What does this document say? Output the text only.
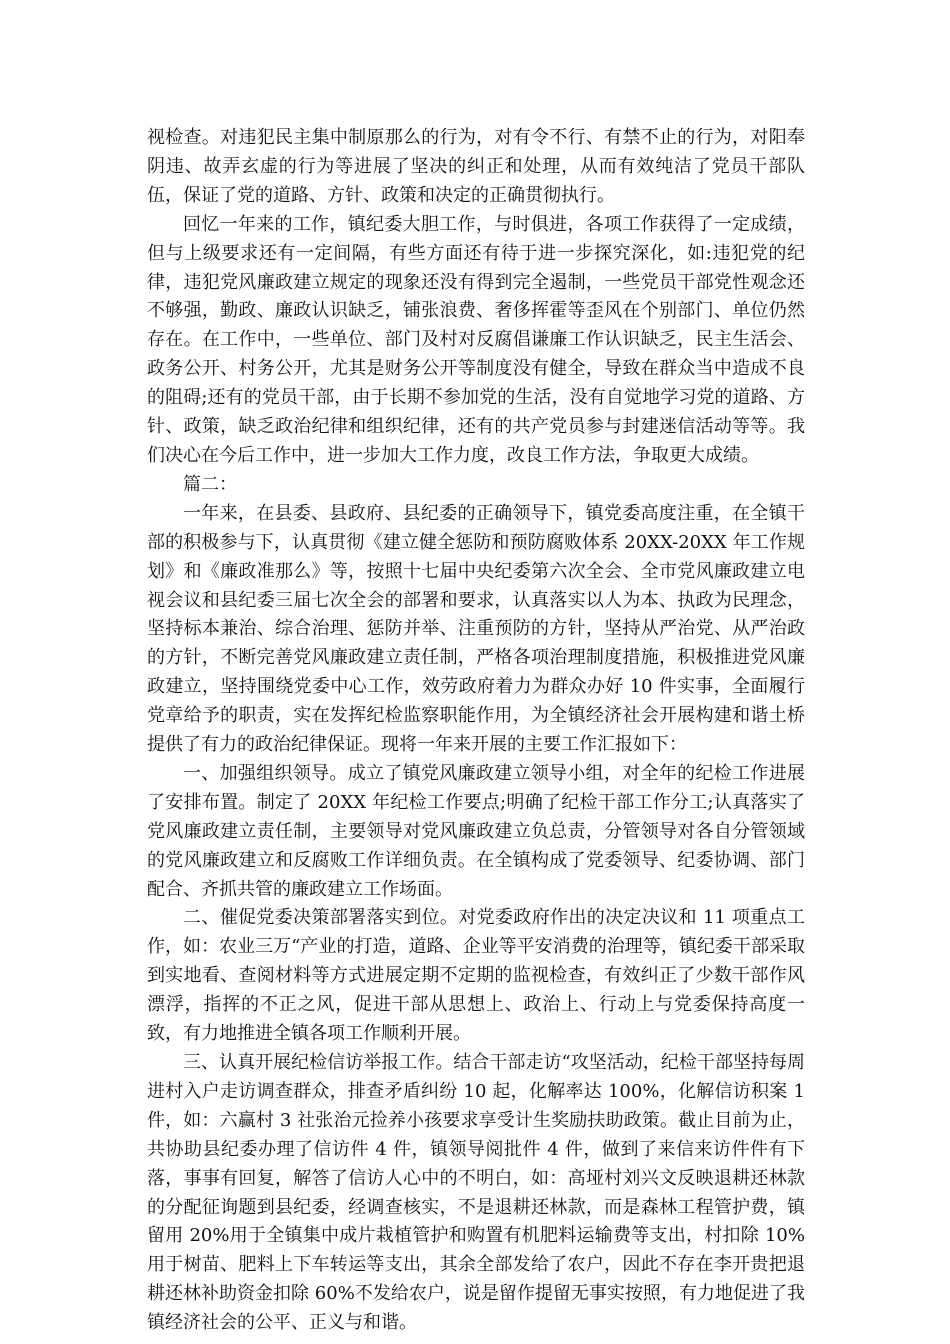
视检查。对违犯民主集中制原那么的行为，对有令不行、有禁不止的行为，对阳奉阴违、故弄玄虚的行为等进展了坚决的纠正和处理，从而有效纯洁了党员干部队伍，保证了党的道路、方针、政策和决定的正确贯彻执行。

回忆一年来的工作，镇纪委大胆工作，与时俱进，各项工作获得了一定成绩，但与上级要求还有一定间隔，有些方面还有待于进一步探究深化，如:违犯党的纪律，违犯党风廉政建立规定的现象还没有得到完全遏制，一些党员干部党性观念还不够强，勤政、廉政认识缺乏，铺张浪费、奢侈挥霍等歪风在个别部门、单位仍然存在。在工作中，一些单位、部门及村对反腐倡谦廉工作认识缺乏，民主生活会、政务公开、村务公开，尤其是财务公开等制度没有健全，导致在群众当中造成不良的阻碍;还有的党员干部，由于长期不参加党的生活，没有自觉地学习党的道路、方针、政策，缺乏政治纪律和组织纪律，还有的共产党员参与封建迷信活动等等。我们决心在今后工作中，进一步加大工作力度，改良工作方法，争取更大成绩。

篇二：

一年来，在县委、县政府、县纪委的正确领导下，镇党委高度注重，在全镇干部的积极参与下，认真贯彻《建立健全惩防和预防腐败体系 20XX-20XX 年工作规划》和《廉政准那么》等，按照十七届中央纪委第六次全会、全市党风廉政建立电视会议和县纪委三届七次全会的部署和要求，认真落实以人为本、执政为民理念，坚持标本兼治、综合治理、惩防并举、注重预防的方针，坚持从严治党、从严治政的方针，不断完善党风廉政建立责任制，严格各项治理制度措施，积极推进党风廉政建立，坚持围绕党委中心工作，效劳政府着力为群众办好 10 件实事，全面履行党章给予的职责，实在发挥纪检监察职能作用，为全镇经济社会开展构建和谐土桥提供了有力的政治纪律保证。现将一年来开展的主要工作汇报如下：

一、加强组织领导。成立了镇党风廉政建立领导小组，对全年的纪检工作进展了安排布置。制定了 20XX 年纪检工作要点;明确了纪检干部工作分工;认真落实了党风廉政建立责任制，主要领导对党风廉政建立负总责，分管领导对各自分管领域的党风廉政建立和反腐败工作详细负责。在全镇构成了党委领导、纪委协调、部门配合、齐抓共管的廉政建立工作场面。

二、催促党委决策部署落实到位。对党委政府作出的决定决议和 11 项重点工作，如：农业三万“产业的打造，道路、企业等平安消费的治理等，镇纪委干部采取到实地看、查阅材料等方式进展定期不定期的监视检查，有效纠正了少数干部作风漂浮，指挥的不正之风，促进干部从思想上、政治上、行动上与党委保持高度一致，有力地推进全镇各项工作顺利开展。

三、认真开展纪检信访举报工作。结合干部走访“攻坚活动，纪检干部坚持每周进村入户走访调查群众，排查矛盾纠纷 10 起，化解率达 100%，化解信访积案 1 件，如：六赢村 3 社张治元捡养小孩要求享受计生奖励扶助政策。截止目前为止，共协助县纪委办理了信访件 4 件，镇领导阅批件 4 件，做到了来信来访件件有下落，事事有回复，解答了信访人心中的不明白，如：高垭村刘兴文反映退耕还林款的分配征询题到县纪委，经调查核实，不是退耕还林款，而是森林工程管护费，镇留用 20%用于全镇集中成片栽植管护和购置有机肥料运输费等支出，村扣除 10%用于树苗、肥料上下车转运等支出，其余全部发给了农户，因此不存在李开贵把退耕还林补助资金扣除 60%不发给农户，说是留作提留无事实按照，有力地促进了我镇经济社会的公平、正义与和谐。
